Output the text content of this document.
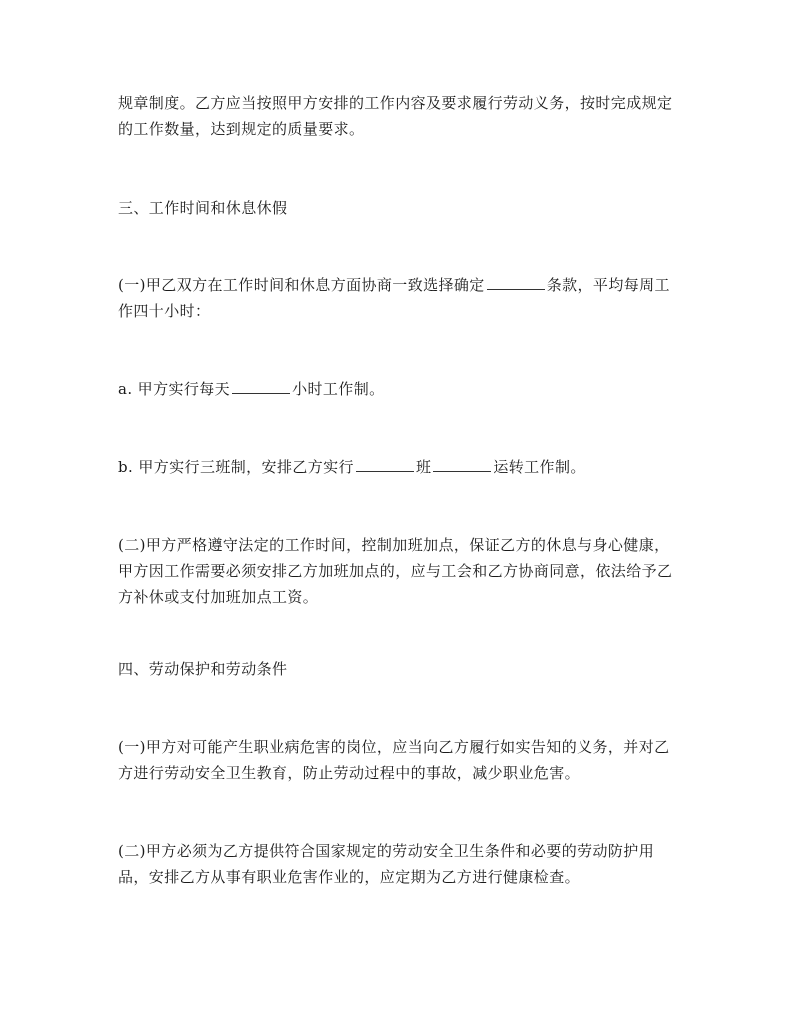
规章制度。乙方应当按照甲方安排的工作内容及要求履行劳动义务，按时完成规定
的工作数量，达到规定的质量要求。

三、工作时间和休息休假

(一)甲乙双方在工作时间和休息方面协商一致选择确定	条款，平均每周工
作四十小时：

a. 甲方实行每天	小时工作制。

b. 甲方实行三班制，安排乙方实行	班	运转工作制。

(二)甲方严格遵守法定的工作时间，控制加班加点，保证乙方的休息与身心健康，
甲方因工作需要必须安排乙方加班加点的，应与工会和乙方协商同意，依法给予乙
方补休或支付加班加点工资。

四、劳动保护和劳动条件

(一)甲方对可能产生职业病危害的岗位，应当向乙方履行如实告知的义务，并对乙
方进行劳动安全卫生教育，防止劳动过程中的事故，减少职业危害。

(二)甲方必须为乙方提供符合国家规定的劳动安全卫生条件和必要的劳动防护用
品，安排乙方从事有职业危害作业的，应定期为乙方进行健康检查。
